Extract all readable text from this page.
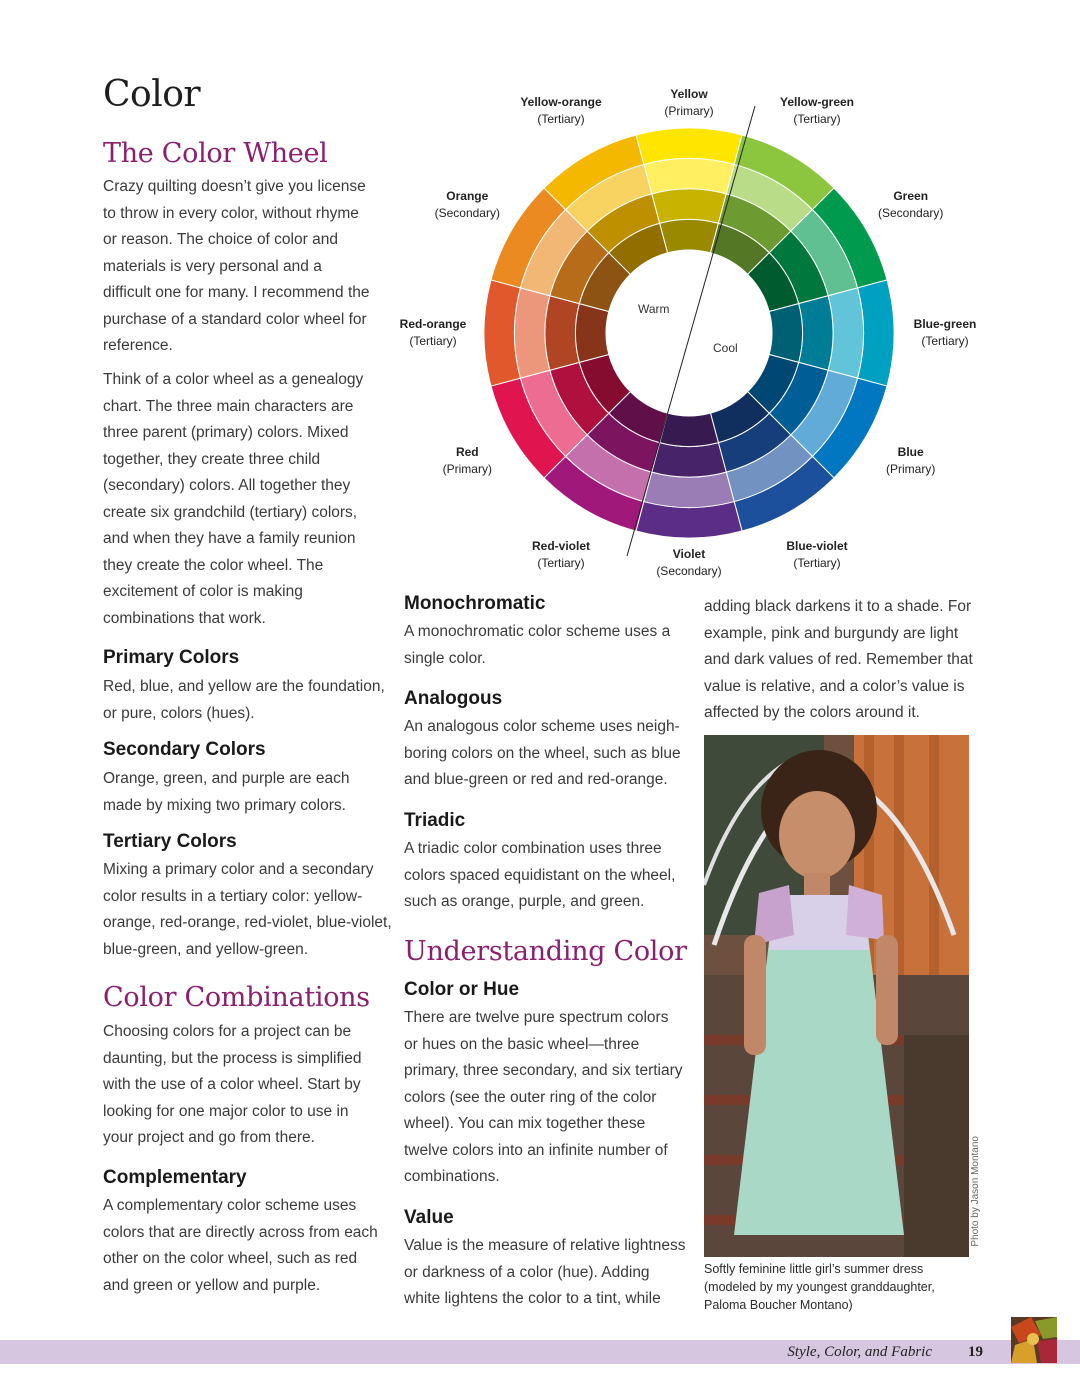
Color
The Color Wheel

Crazy quilting doesn’t give you license to throw in every color, without rhyme or reason. The choice of color and materials is very personal and a difficult one for many. I recommend the purchase of a standard color wheel for reference.

Think of a color wheel as a genealogy chart. The three main characters are three parent (primary) colors. Mixed together, they create three child (secondary) colors. All together they create six grandchild (tertiary) colors, and when they have a family reunion they create the color wheel. The excitement of color is making combinations that work.

Primary Colors

Red, blue, and yellow are the foundation, or pure, colors (hues).

Secondary Colors

Orange, green, and purple are each made by mixing two primary colors.

Tertiary Colors

Mixing a primary color and a secondary color results in a tertiary color: yellow-orange, red-orange, red-violet, blue-violet, blue-green, and yellow-green.

Color Combinations

Choosing colors for a project can be daunting, but the process is simplified with the use of a color wheel. Start by looking for one major color to use in your project and go from there.

Complementary

A complementary color scheme uses colors that are directly across from each other on the color wheel, such as red and green or yellow and purple.

Yellow
(Primary)
Yellow-green
(Tertiary)
Green
(Secondary)
Blue-green
(Tertiary)
Blue
(Primary)
Blue-violet
(Tertiary)
Violet
(Secondary)
Red-violet
(Tertiary)
Red
(Primary)
Red-orange
(Tertiary)
Orange
(Secondary)
Yellow-orange
(Tertiary)
Warm
Cool
Monochromatic

A monochromatic color scheme uses a single color.

Analogous

An analogous color scheme uses neigh-boring colors on the wheel, such as blue and blue-green or red and red-orange.

Triadic

A triadic color combination uses three colors spaced equidistant on the wheel, such as orange, purple, and green.

Understanding Color
Color or Hue

There are twelve pure spectrum colors or hues on the basic wheel—three primary, three secondary, and six tertiary colors (see the outer ring of the color wheel). You can mix together these twelve colors into an infinite number of combinations.

Value

Value is the measure of relative lightness or darkness of a color (hue). Adding white lightens the color to a tint, while

adding black darkens it to a shade. For example, pink and burgundy are light and dark values of red. Remember that value is relative, and a color’s value is affected by the colors around it.

Photo by Jason Montano

Softly feminine little girl’s summer dress (modeled by my youngest granddaughter, Paloma Boucher Montano)

Style, Color, and Fabric 19
